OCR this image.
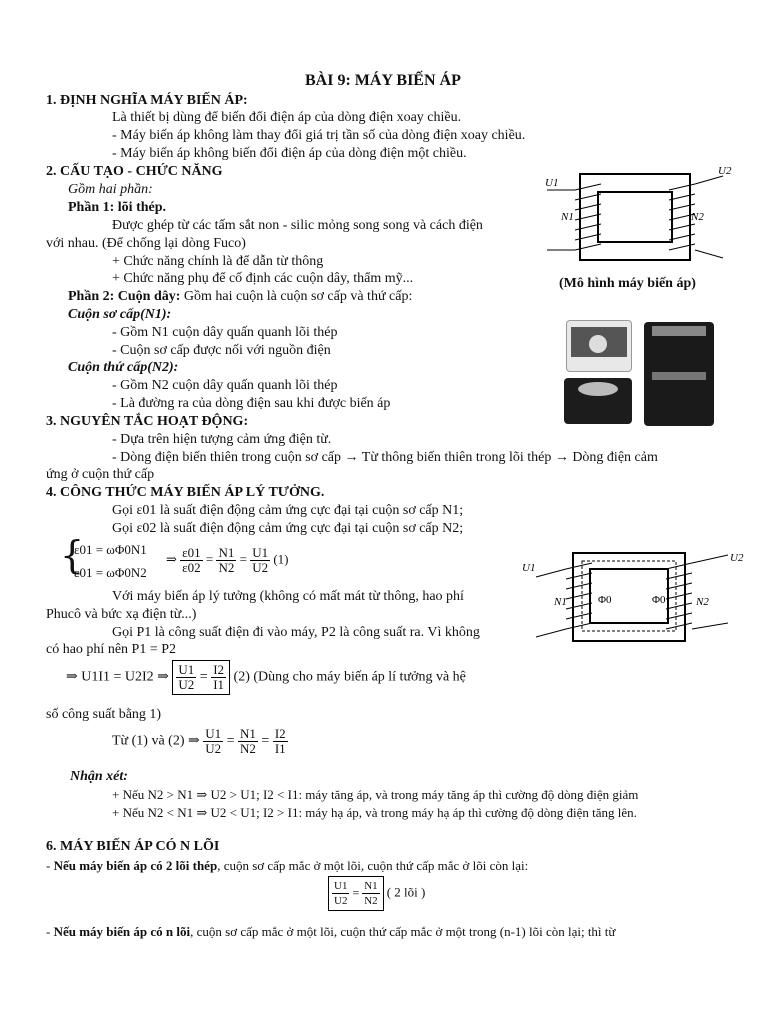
BÀI 9: MÁY BIẾN ÁP
1. ĐỊNH NGHĨA MÁY BIẾN ÁP:
Là thiết bị dùng để biến đổi điện áp của dòng điện xoay chiều.
- Máy biến áp không làm thay đổi giá trị tần số của dòng điện xoay chiều.
- Máy biến áp không biến đổi điện áp của dòng điện một chiều.
2. CẤU TẠO - CHỨC NĂNG
Gồm hai phần:
Phần 1: lõi thép.
Được ghép từ các tấm sắt non - silic mỏng song song và cách điện
với nhau. (Để chống lại dòng Fuco)
+ Chức năng chính là để dẫn từ thông
+ Chức năng phụ để cố định các cuộn dây, thẩm mỹ...
Phần 2: Cuộn dây: Gồm hai cuộn là cuộn sơ cấp và thứ cấp:
Cuộn sơ cấp(N1):
- Gồm N1 cuộn dây quấn quanh lõi thép
- Cuộn sơ cấp được nối với nguồn điện
Cuộn thứ cấp(N2):
- Gồm N2 cuộn dây quấn quanh lõi thép
- Là đường ra của dòng điện sau khi được biến áp
3. NGUYÊN TẮC HOẠT ĐỘNG:
- Dựa trên hiện tượng cảm ứng điện từ.
- Dòng điện biến thiên trong cuộn sơ cấp → Từ thông biến thiên trong lõi thép → Dòng điện cảm
ứng ở cuộn thứ cấp
4. CÔNG THỨC MÁY BIẾN ÁP LÝ TƯỞNG.
Gọi ε01 là suất điện động cảm ứng cực đại tại cuộn sơ cấp N1;
Gọi ε02 là suất điện động cảm ứng cực đại tại cuộn sơ cấp N2;
{
ε01 = ωΦ0N1
ε01 = ωΦ0N2
⇒ $\frac{\varepsilon 01}{\varepsilon 02} = \frac{N1}{N2} = \frac{U1}{U2} (1)$
Với máy biến áp lý tưởng (không có mất mát từ thông, hao phí
Phucô và bức xạ điện từ...)
Gọi P1 là công suất điện đi vào máy, P2 là công suất ra. Vì không
có hao phí nên P1 = P2
⇒ U1I1 = U2I2 ⇒ $\frac{U1}{U2} = \frac{I2}{I1} (2)$ (Dùng cho máy biến áp lí tưởng và hệ
số công suất bằng 1)
Từ (1) và (2) ⇒ $\frac{U1}{U2} = \frac{N1}{N2} = \frac{I2}{I1}$
Nhận xét:
+ Nếu N2 > N1 ⇒ U2 > U1; I2 < I1: máy tăng áp, và trong máy tăng áp thì cường độ dòng điện giảm
+ Nếu N2 < N1 ⇒ U2 < U1; I2 > I1: máy hạ áp, và trong máy hạ áp thì cường độ dòng điện tăng lên.
6. MÁY BIẾN ÁP CÓ N LÕI
- Nếu máy biến áp có 2 lõi thép, cuộn sơ cấp mắc ở một lõi, cuộn thứ cấp mắc ở lõi còn lại:
$\frac{U1}{U2} = \frac{N1}{N2}$ ( 2 lõi )
- Nếu máy biến áp có n lõi, cuộn sơ cấp mắc ở một lõi, cuộn thứ cấp mắc ở một trong (n-1) lõi còn lại; thì từ
U1
U2
N1	N2
(Mô hình máy biến áp)
U1
U2
N1	N2
Φ0	Φ0
